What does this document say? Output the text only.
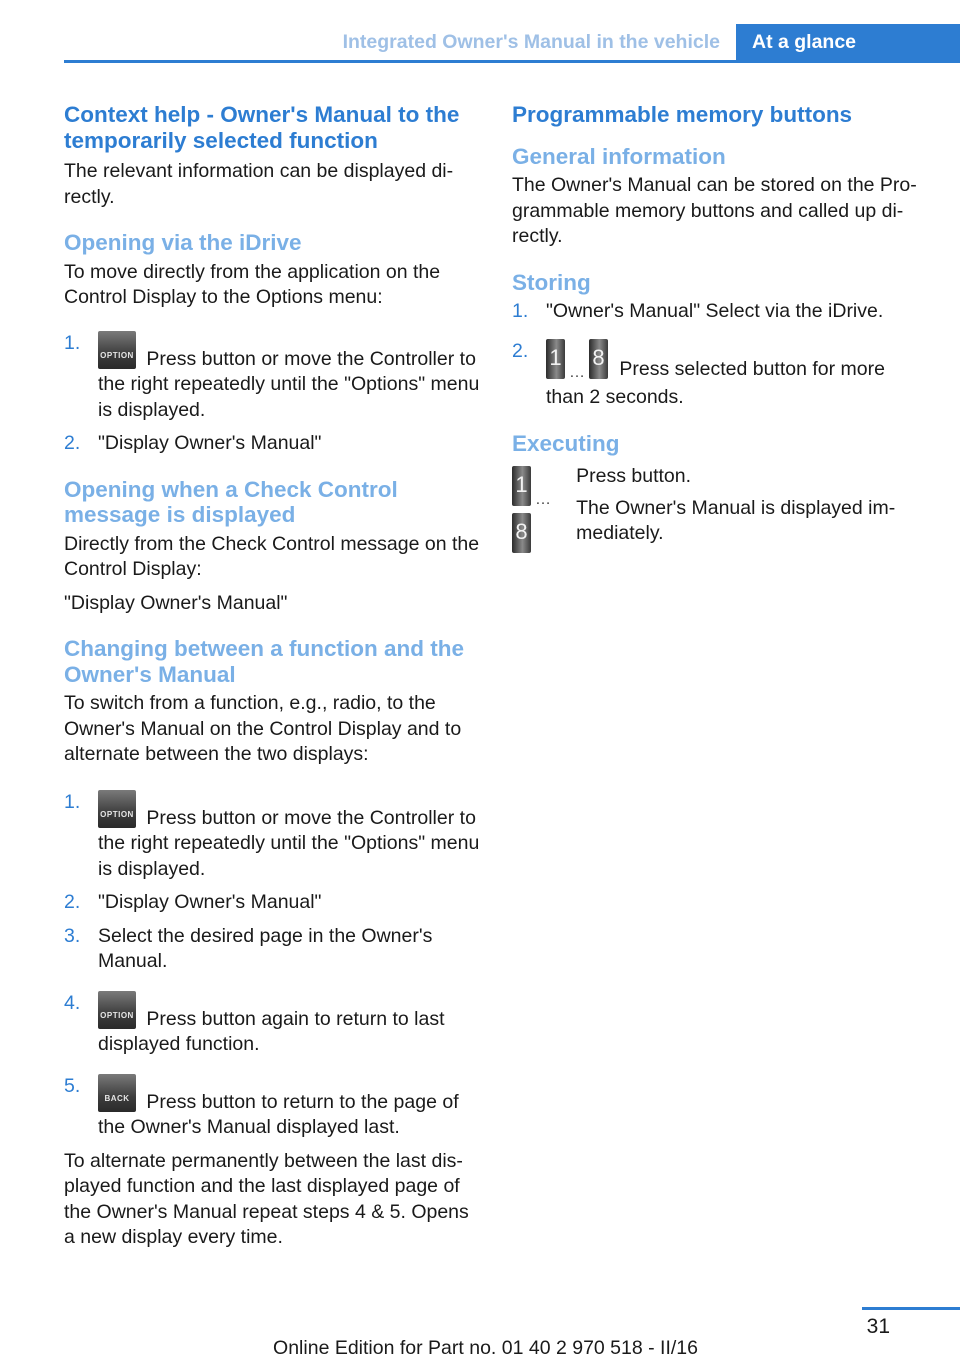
Integrated Owner's Manual in the vehicle	At a glance
Context help - Owner's Manual to the temporarily selected function

The relevant information can be displayed di‐rectly.

Opening via the iDrive

To move directly from the application on the Control Display to the Options menu:

1.
OPTION Press button or move the Controller to the right repeatedly until the "Options" menu is displayed.
2. "Display Owner's Manual"
Opening when a Check Control message is displayed

Directly from the Check Control message on the Control Display:

"Display Owner's Manual"

Changing between a function and the Owner's Manual

To switch from a function, e.g., radio, to the Owner's Manual on the Control Display and to alternate between the two displays:

1.
OPTION Press button or move the Controller to the right repeatedly until the "Options" menu is displayed.
2. "Display Owner's Manual"
3. Select the desired page in the Owner's Manual.
4.
OPTION Press button again to return to last displayed function.
5.
BACK Press button to return to the page of the Owner's Manual displayed last.

To alternate permanently between the last dis‐played function and the last displayed page of the Owner's Manual repeat steps 4 & 5. Opens a new display every time.

Programmable memory buttons
General information

The Owner's Manual can be stored on the Pro‐grammable memory buttons and called up di‐rectly.

Storing
1. "Owner's Manual" Select via the iDrive.
2. 1
…
8 Press selected button for more than 2 seconds.
Executing
1
…
8
Press button.
The Owner's Manual is displayed im‐mediately.
31
Online Edition for Part no. 01 40 2 970 518 - II/16
